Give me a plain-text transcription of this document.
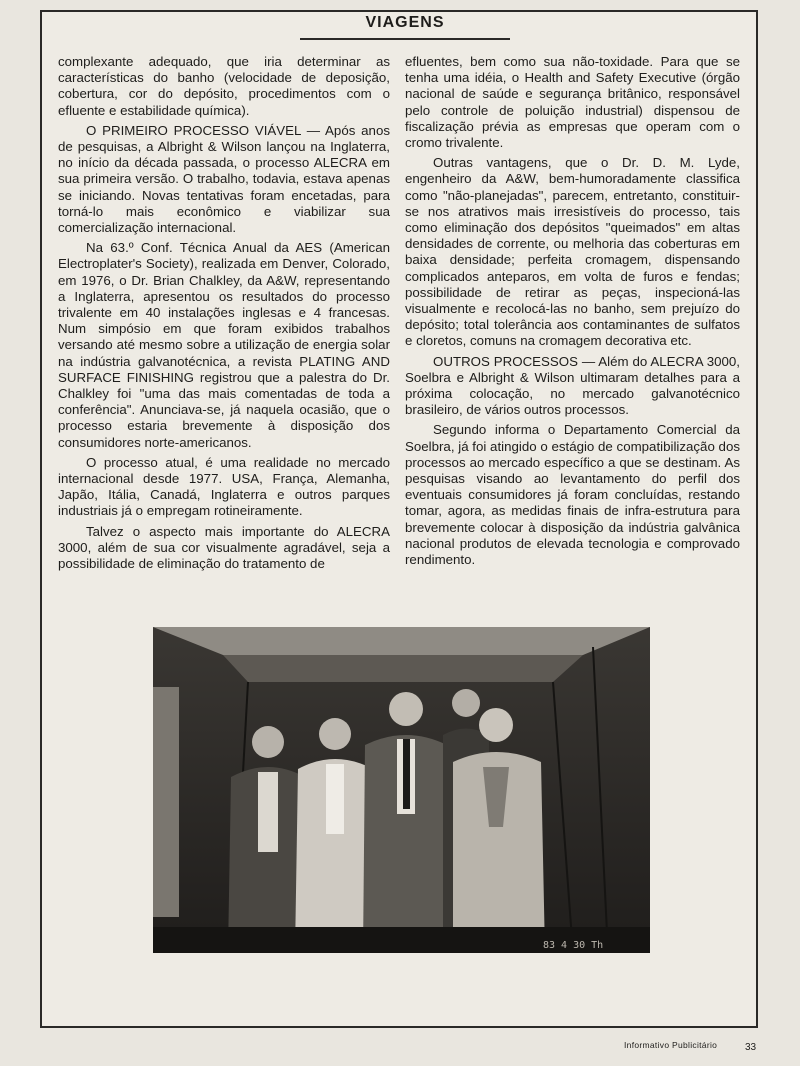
VIAGENS

complexante adequado, que iria determinar as características do banho (velocidade de deposição, cobertura, cor do depósito, procedimentos com o efluente e estabilidade química).

O PRIMEIRO PROCESSO VIÁVEL — Após anos de pesquisas, a Albright & Wilson lançou na Inglaterra, no início da década passada, o processo ALECRA em sua primeira versão. O trabalho, todavia, estava apenas se iniciando. Novas tentativas foram encetadas, para torná-lo mais econômico e viabilizar sua comercialização internacional.

Na 63.º Conf. Técnica Anual da AES (American Electroplater's Society), realizada em Denver, Colorado, em 1976, o Dr. Brian Chalkley, da A&W, representando a Inglaterra, apresentou os resultados do processo trivalente em 40 instalações inglesas e 4 francesas. Num simpósio em que foram exibidos trabalhos versando até mesmo sobre a utilização de energia solar na indústria galvanotécnica, a revista PLATING AND SURFACE FINISHING registrou que a palestra do Dr. Chalkley foi "uma das mais comentadas de toda a conferência". Anunciava-se, já naquela ocasião, que o processo estaria brevemente à disposição dos consumidores norte-americanos.

O processo atual, é uma realidade no mercado internacional desde 1977. USA, França, Alemanha, Japão, Itália, Canadá, Inglaterra e outros parques industriais já o empregam rotineiramente.

Talvez o aspecto mais importante do ALECRA 3000, além de sua cor visualmente agradável, seja a possibilidade de eliminação do tratamento de

efluentes, bem como sua não-toxidade. Para que se tenha uma idéia, o Health and Safety Executive (órgão nacional de saúde e segurança britânico, responsável pelo controle de poluição industrial) dispensou de fiscalização prévia as empresas que operam com o cromo trivalente.

Outras vantagens, que o Dr. D. M. Lyde, engenheiro da A&W, bem-humoradamente classifica como "não-planejadas", parecem, entretanto, constituir-se nos atrativos mais irresistíveis do processo, tais como eliminação dos depósitos "queimados" em altas densidades de corrente, ou melhoria das coberturas em baixa densidade; perfeita cromagem, dispensando complicados anteparos, em volta de furos e fendas; possibilidade de retirar as peças, inspecioná-las visualmente e recolocá-las no banho, sem prejuízo do depósito; total tolerância aos contaminantes de sulfatos e cloretos, comuns na cromagem decorativa etc.

OUTROS PROCESSOS — Além do ALECRA 3000, Soelbra e Albright & Wilson ultimaram detalhes para a próxima colocação, no mercado galvanotécnico brasileiro, de vários outros processos.

Segundo informa o Departamento Comercial da Soelbra, já foi atingido o estágio de compatibilização dos processos ao mercado específico a que se destinam. As pesquisas visando ao levantamento do perfil dos eventuais consumidores já foram concluídas, restando tomar, agora, as medidas finais de infra-estrutura para brevemente colocar à disposição da indústria galvânica nacional produtos de elevada tecnologia e comprovado rendimento.

83 4 30 Th
Informativo Publicitário	33
